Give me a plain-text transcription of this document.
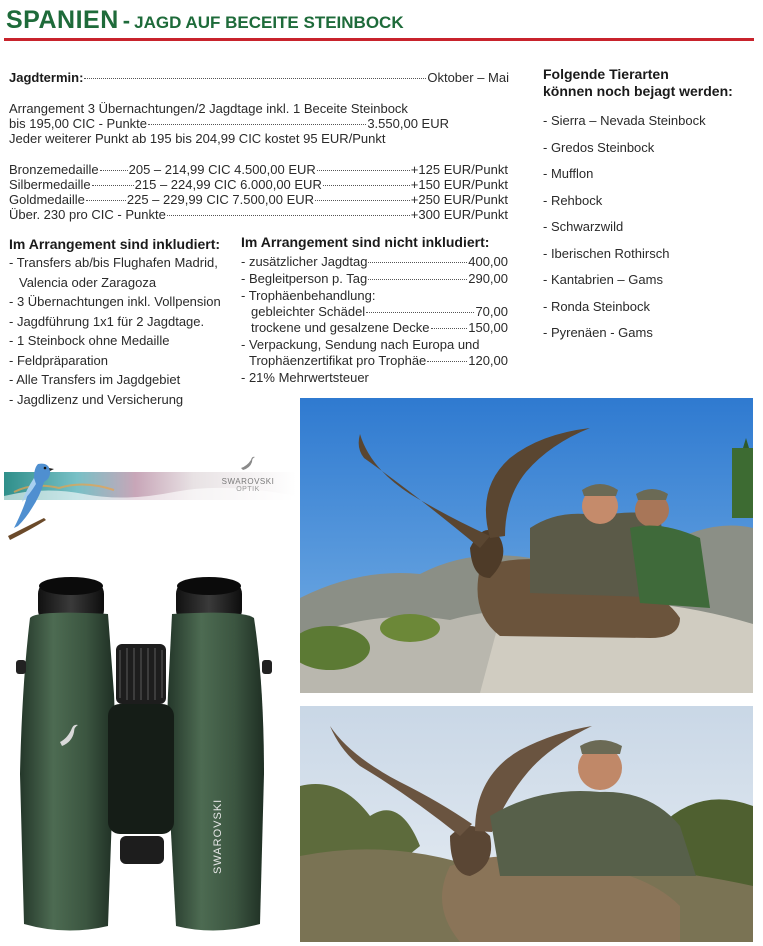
SPANIEN - JAGD AUF BECEITE STEINBOCK
Jagdtermin:	Oktober – Mai
Arrangement 3 Übernachtungen/2 Jagdtage inkl. 1 Beceite Steinbock
bis 195,00 CIC - Punkte	3.550,00 EUR
Jeder weiterer Punkt ab 195 bis 204,99 CIC kostet 95 EUR/Punkt
Bronzemedaille 205 – 214,99 CIC 4.500,00 EUR	+125 EUR/Punkt
Silbermedaille	215 – 224,99 CIC 6.000,00 EUR	+150 EUR/Punkt
Goldmedaille	225 – 229,99 CIC 7.500,00 EUR	+250 EUR/Punkt
Über. 230 pro CIC - Punkte	+300 EUR/Punkt
Im Arrangement sind inkludiert:
- Transfers ab/bis Flughafen Madrid,
Valencia oder Zaragoza
- 3 Übernachtungen inkl. Vollpension
- Jagdführung 1x1 für 2 Jagdtage.
- 1 Steinbock ohne Medaille
- Feldpräparation
- Alle Transfers im Jagdgebiet
- Jagdlizenz und Versicherung
Im Arrangement sind nicht inkludiert:
- zusätzlicher Jagdtag	400,00
- Begleitperson p. Tag	290,00
- Trophäenbehandlung:
gebleichter Schädel	70,00
trockene und gesalzene Decke	150,00
- Verpackung, Sendung nach Europa und
Trophäenzertifikat pro Trophäe	120,00
- 21% Mehrwertsteuer
Folgende Tierarten
können noch bejagt werden:
- Sierra – Nevada Steinbock
- Gredos Steinbock
- Mufflon
- Rehbock
- Schwarzwild
- Iberischen Rothirsch
- Kantabrien – Gams
- Ronda Steinbock
- Pyrenäen - Gams
SWAROVSKI
OPTIK
SWAROVSKI
